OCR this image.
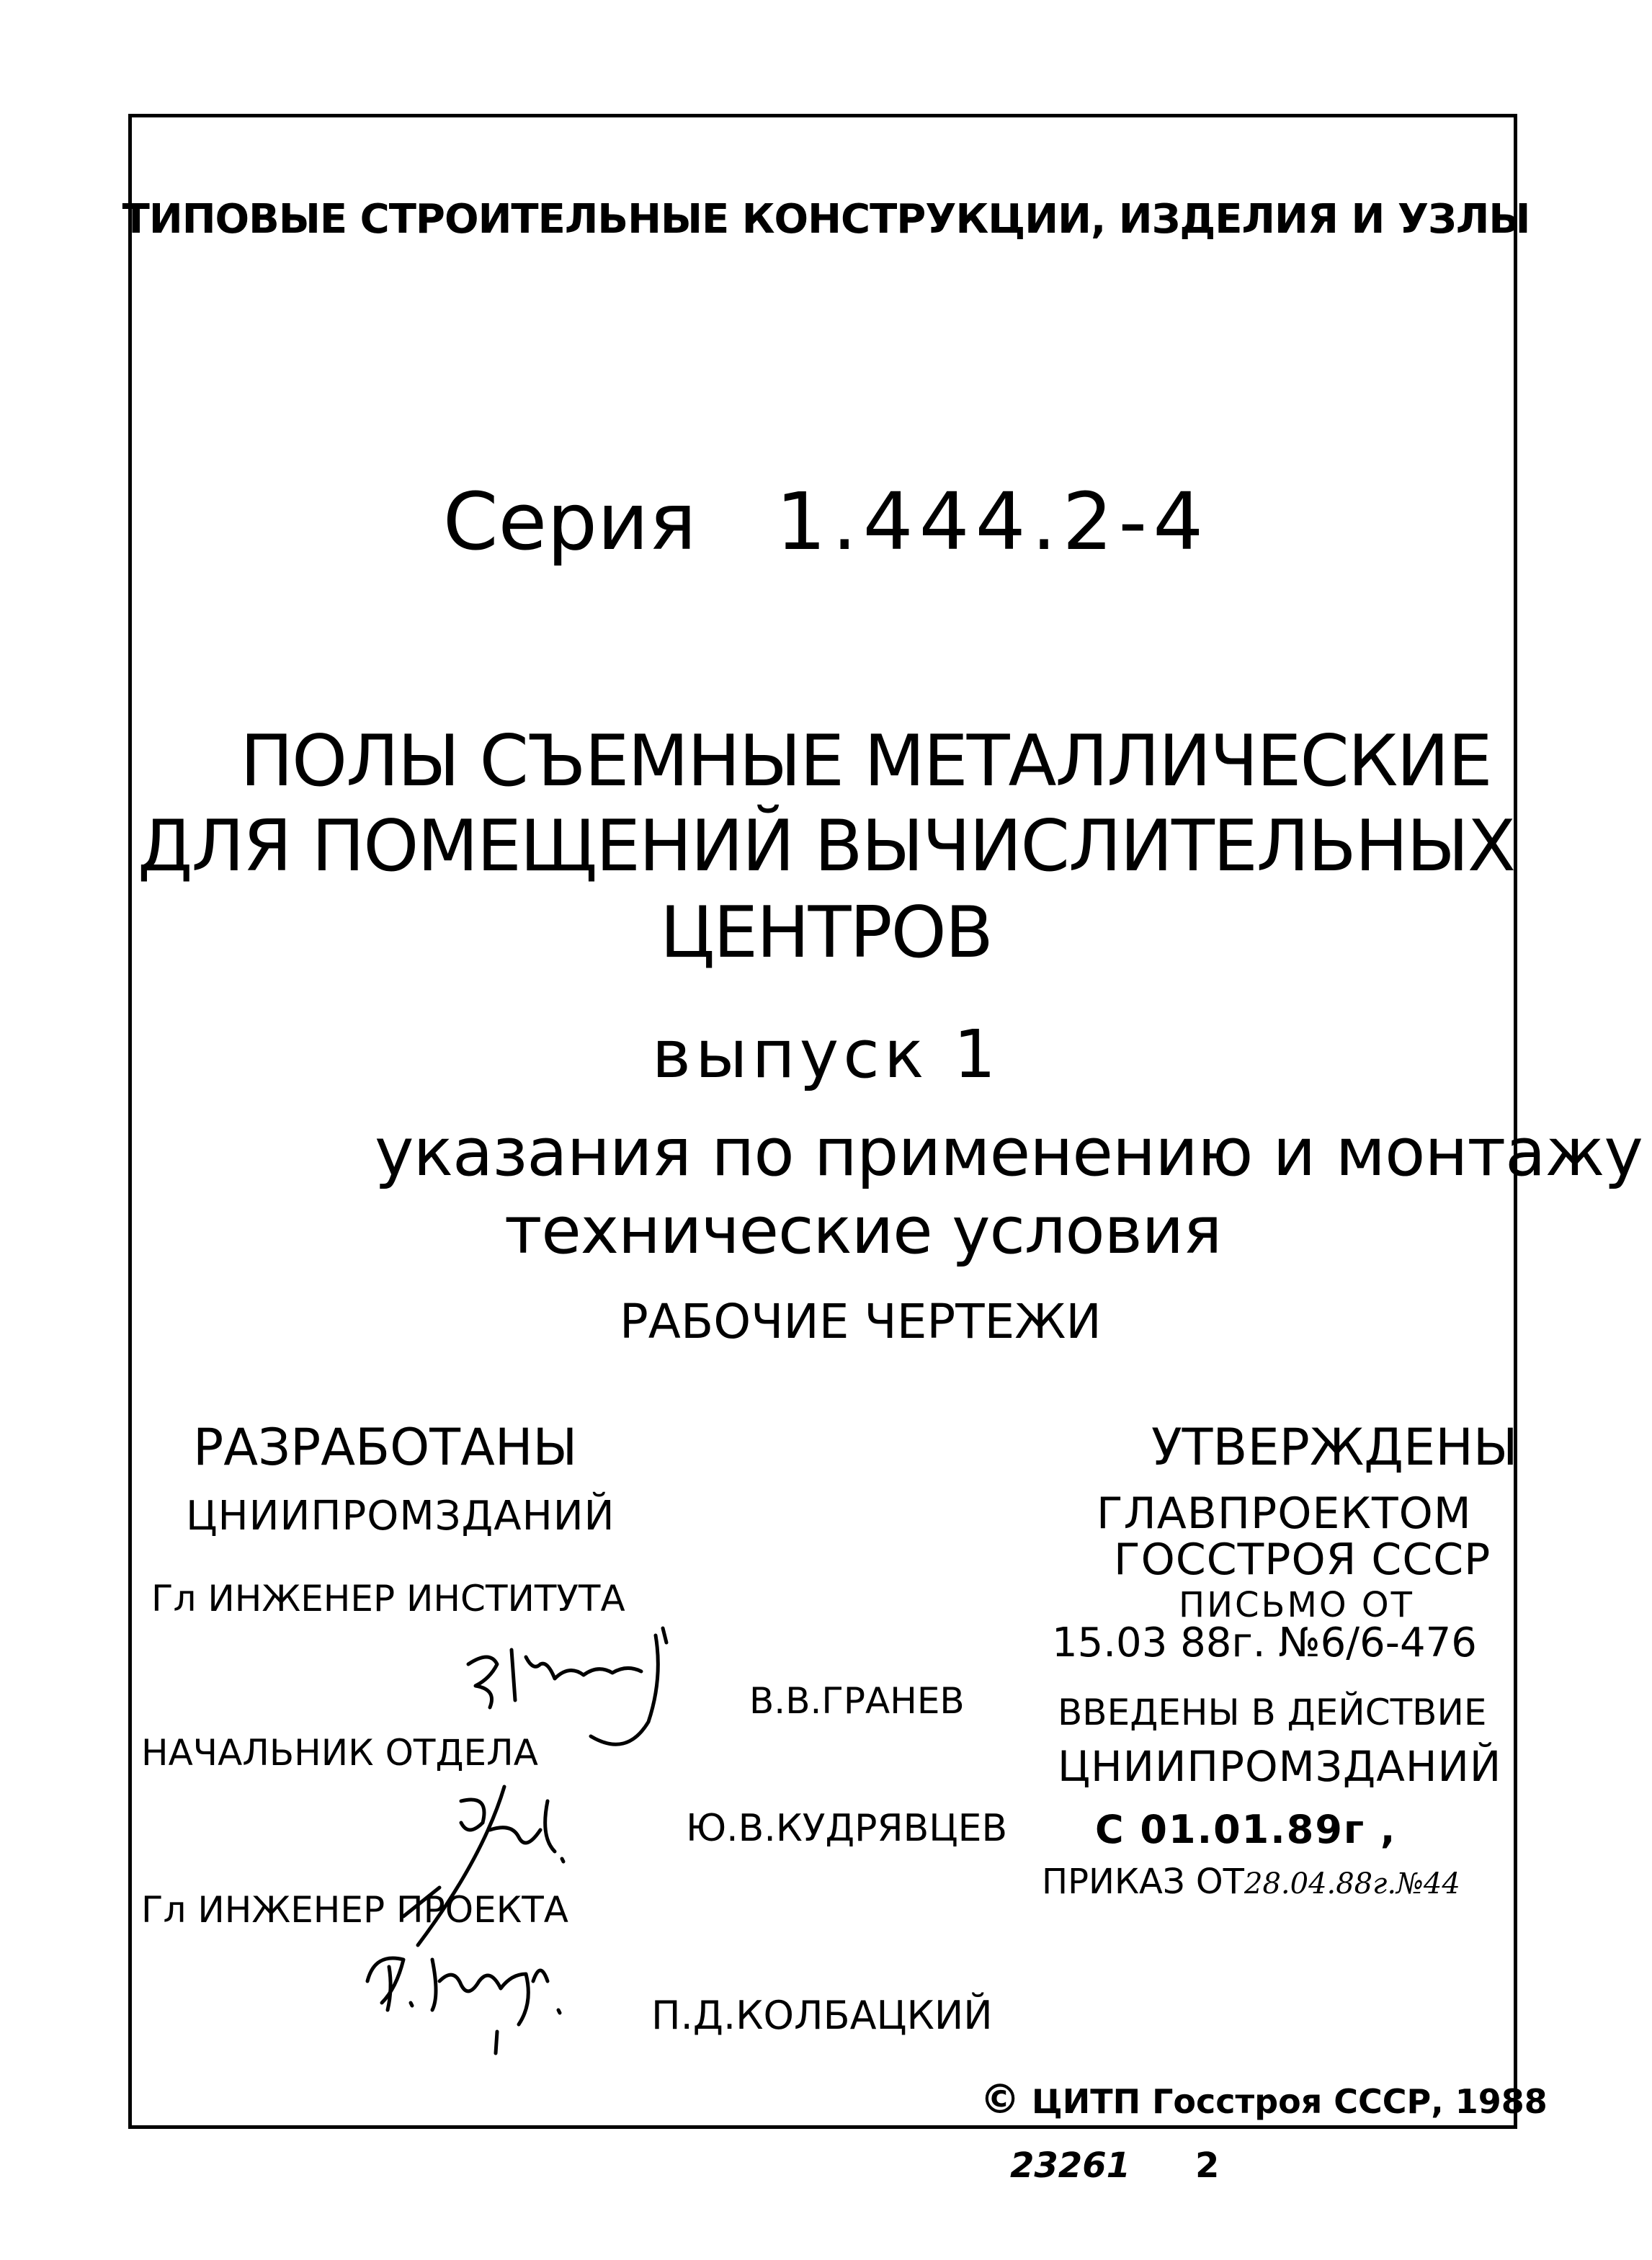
ТИПОВЫЕ СТРОИТЕЛЬНЫЕ КОНСТРУКЦИИ, ИЗДЕЛИЯ И УЗЛЫ
Серия 1.444.2-4
ПОЛЫ СЪЕМНЫЕ МЕТАЛЛИЧЕСКИЕ
ДЛЯ ПОМЕЩЕНИЙ ВЫЧИСЛИТЕЛЬНЫХ
ЦЕНТРОВ
выпуск 1
указания по применению и монтажу
технические условия
РАБОЧИЕ ЧЕРТЕЖИ
РАЗРАБОТАНЫ
ЦНИИПРОМЗДАНИЙ
Гл ИНЖЕНЕР ИНСТИТУТА
В.В.ГРАНЕВ
НАЧАЛЬНИК ОТДЕЛА
Ю.В.КУДРЯВЦЕВ
Гл ИНЖЕНЕР ПРОЕКТА
П.Д.КОЛБАЦКИЙ
УТВЕРЖДЕНЫ
ГЛАВПРОЕКТОМ
ГОССТРОЯ СССР
ПИСЬМО ОТ
15.03 88г. №6/6-476
ВВЕДЕНЫ В ДЕЙСТВИЕ
ЦНИИПРОМЗДАНИЙ
С 01.01.89г ,
ПРИКАЗ ОТ28.04.88г.№44
© ЦИТП Госстроя СССР, 1988
23261 2
